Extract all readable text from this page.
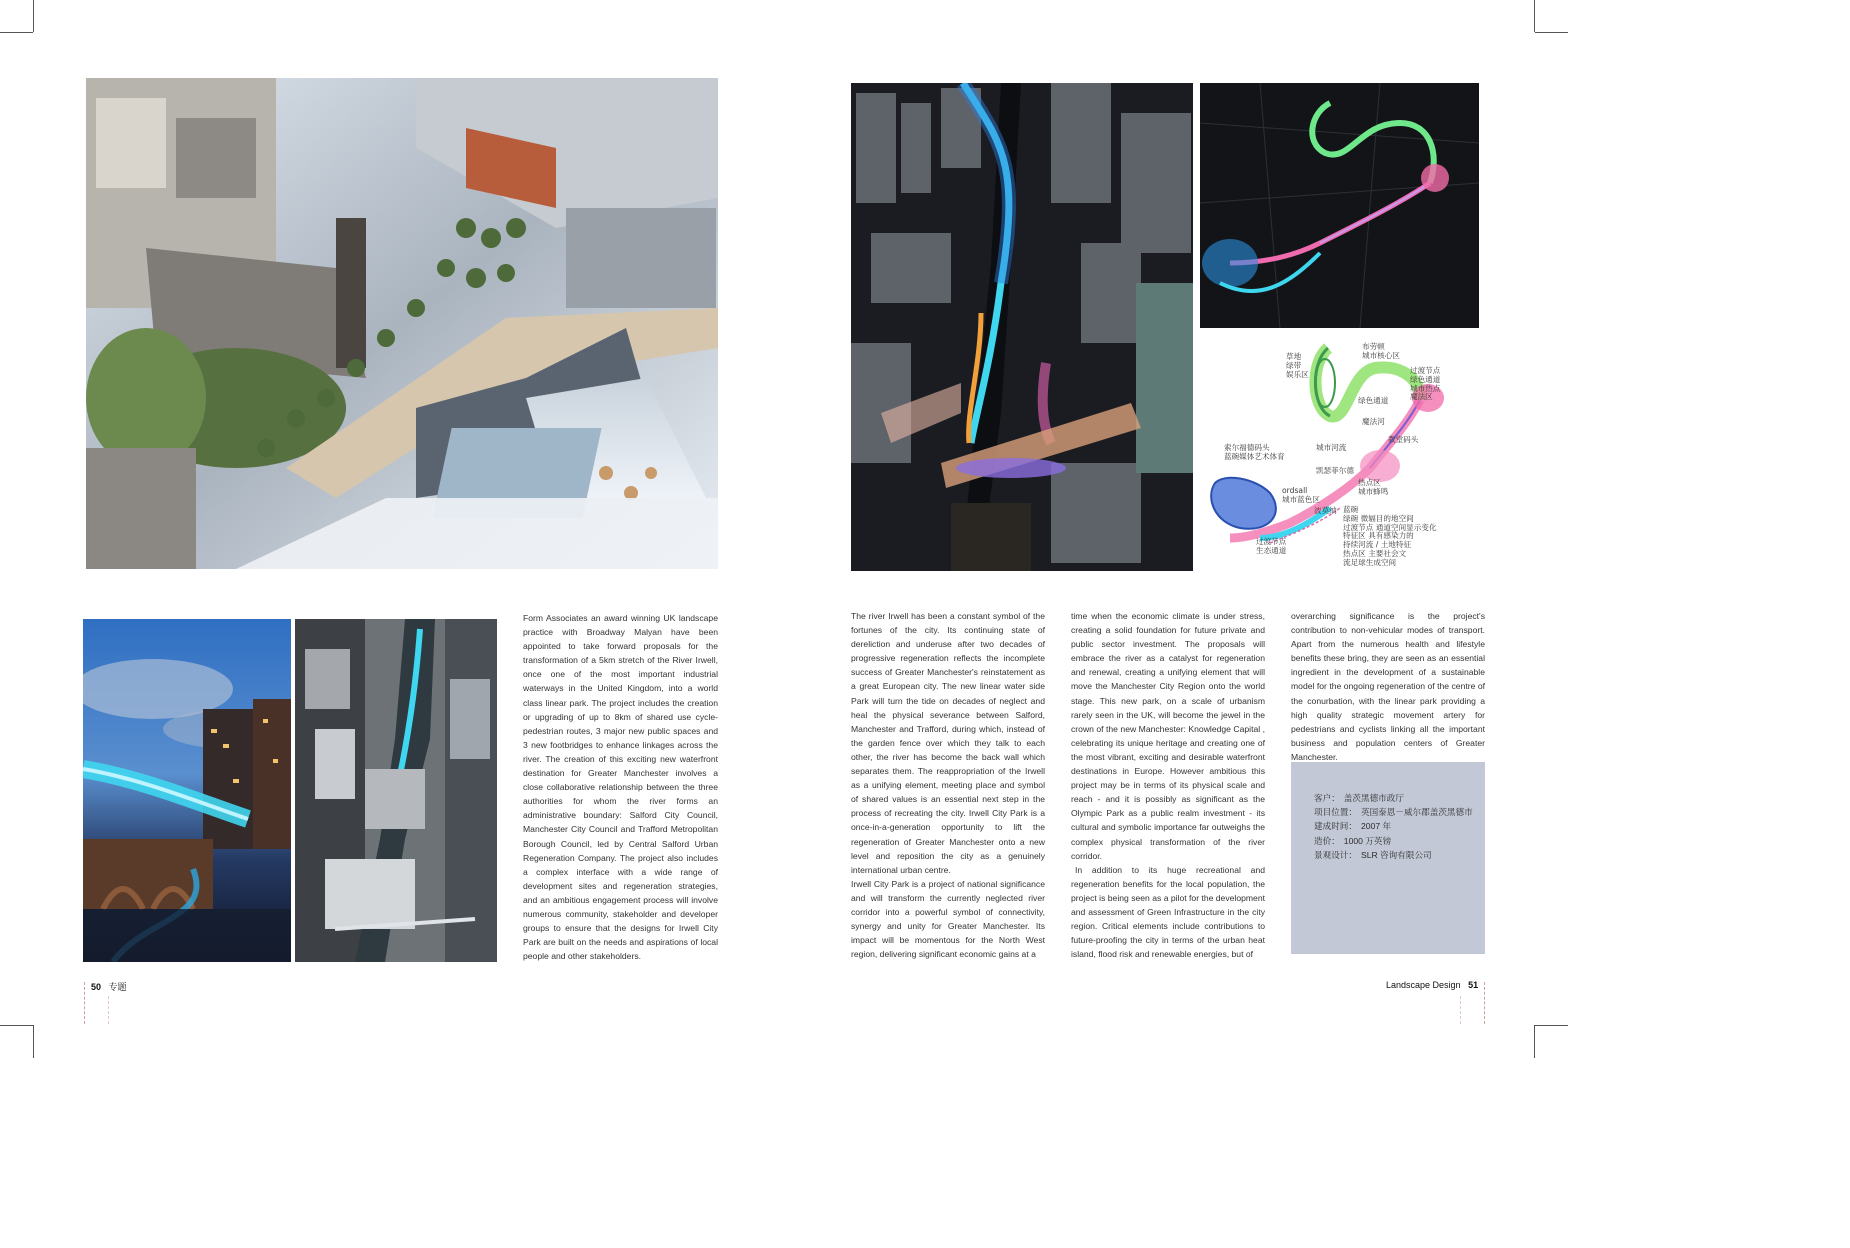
Form Associates an award winning UK landscape practice with Broadway Malyan have been appointed to take forward proposals for the transformation of a 5km stretch of the River Irwell, once one of the most important industrial waterways in the United Kingdom, into a world class linear park. The project includes the creation or upgrading of up to 8km of shared use cycle-pedestrian routes, 3 major new public spaces and 3 new footbridges to enhance linkages across the river. The creation of this exciting new waterfront destination for Greater Manchester involves a close collaborative relationship between the three authorities for whom the river forms an administrative boundary: Salford City Council, Manchester City Council and Trafford Metropolitan Borough Council, led by Central Salford Urban Regeneration Company. The project also includes a complex interface with a wide range of development sites and regeneration strategies, and an ambitious engagement process will involve numerous community, stakeholder and developer groups to ensure that the designs for Irwell City Park are built on the needs and aspirations of local people and other stakeholders.

布劳顿
城市核心区
草地
绿带
娱乐区	过渡节点
绿色通道
城市热点
魔法区
绿色通道
魔法河
城市河流
索尔福德码头
蓝碗媒体艺术体育
教堂码头
凯瑟菲尔德
热点区
城市蜂鸣
ordsall
城市蓝色区
波莫纳 蓝碗
绿碗 微辐目的地空间
过渡节点 通道空间显示变化
特征区 具有感染力的
持续河流 / 土地特征
热点区 主要社会文
流足球生成空间
过渡节点
生态通道

The river Irwell has been a constant symbol of the fortunes of the city. Its continuing state of dereliction and underuse after two decades of progressive regeneration reflects the incomplete success of Greater Manchester's reinstatement as a great European city. The new linear water side Park will turn the tide on decades of neglect and heal the physical severance between Salford, Manchester and Trafford, during which, instead of the garden fence over which they talk to each other, the river has become the back wall which separates them. The reappropriation of the Irwell as a unifying element, meeting place and symbol of shared values is an essential next step in the process of recreating the city. Irwell City Park is a once-in-a-generation opportunity to lift the regeneration of Greater Manchester onto a new level and reposition the city as a genuinely international urban centre.

Irwell City Park is a project of national significance and will transform the currently neglected river corridor into a powerful symbol of connectivity, synergy and unity for Greater Manchester. Its impact will be momentous for the North West region, delivering significant economic gains at a

time when the economic climate is under stress, creating a solid foundation for future private and public sector investment. The proposals will embrace the river as a catalyst for regeneration and renewal, creating a unifying element that will move the Manchester City Region onto the world stage. This new park, on a scale of urbanism rarely seen in the UK, will become the jewel in the crown of the new Manchester: Knowledge Capital , celebrating its unique heritage and creating one of the most vibrant, exciting and desirable waterfront destinations in Europe. However ambitious this project may be in terms of its physical scale and reach - and it is possibly as significant as the Olympic Park as a public realm investment - its cultural and symbolic importance far outweighs the complex physical transformation of the river corridor.

In addition to its huge recreational and regeneration benefits for the local population, the project is being seen as a pilot for the development and assessment of Green Infrastructure in the city region. Critical elements include contributions to future-proofing the city in terms of the urban heat island, flood risk and renewable energies, but of

overarching significance is the project's contribution to non-vehicular modes of transport. Apart from the numerous health and lifestyle benefits these bring, they are seen as an essential ingredient in the development of a sustainable model for the ongoing regeneration of the centre of the conurbation, with the linear park providing a high quality strategic movement artery for pedestrians and cyclists linking all the important business and population centers of Greater Manchester.

客户： 盖茨黑德市政厅
项目位置： 英国泰恩－威尔郡盖茨黑德市
建成时间： 2007 年
造价： 1000 万英镑
景观设计： SLR 咨询有限公司
50 专题	Landscape Design 51
